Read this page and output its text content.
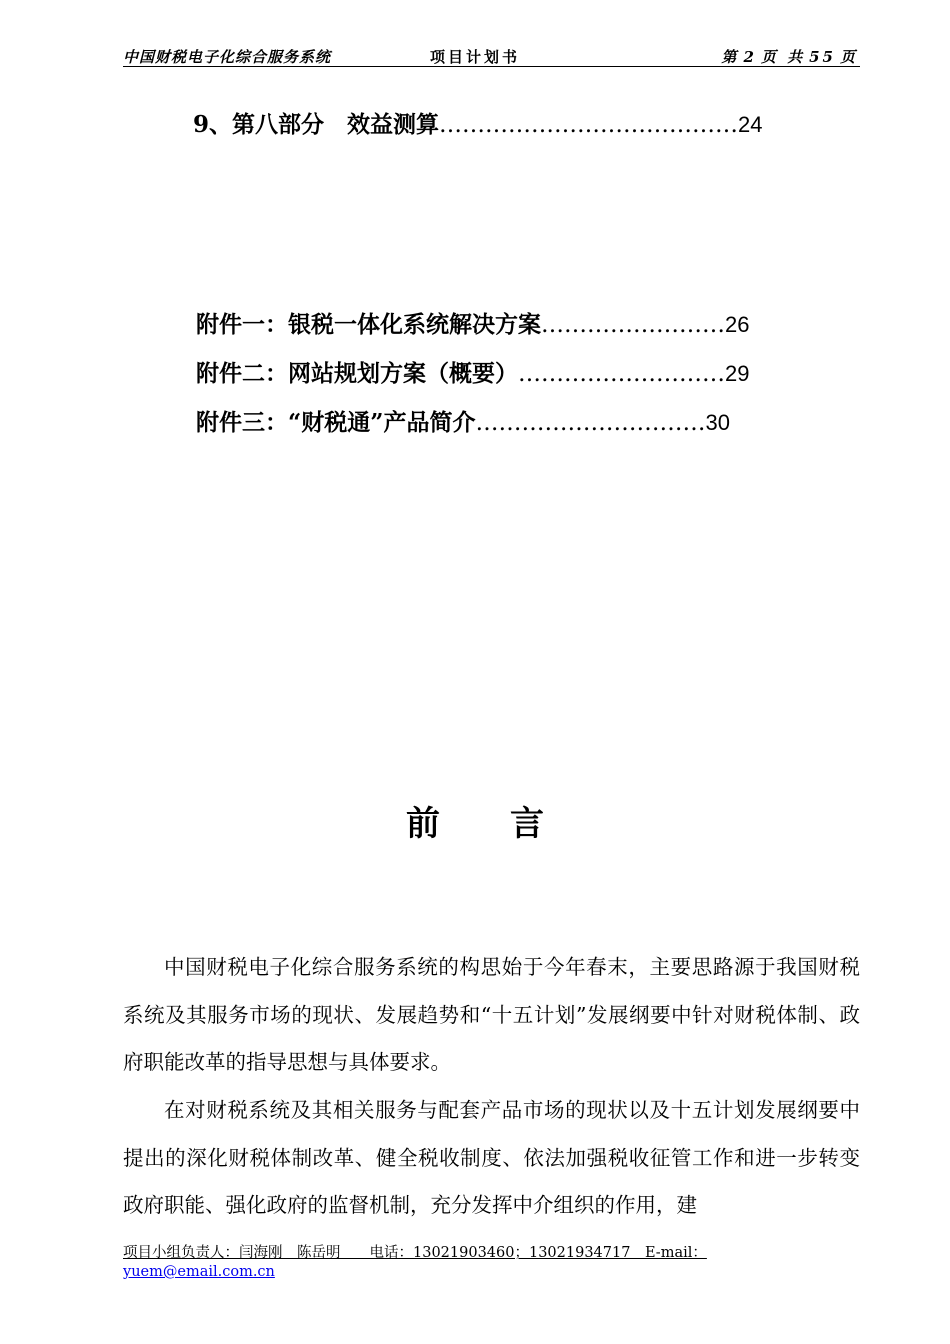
中国财税电子化综合服务系统	项目计划书	第 2 页 共 55 页
9、第八部分　效益测算 ………………………………… 24
附件一：银税一体化系统解决方案 …………………… 26
附件二：网站规划方案（概要） ……………………… 29
附件三：“财税通”产品简介 ………………………… 30
前 言

中国财税电子化综合服务系统的构思始于今年春末，主要思路源于我国财税系统及其服务市场的现状、发展趋势和“十五计划”发展纲要中针对财税体制、政府职能改革的指导思想与具体要求。

在对财税系统及其相关服务与配套产品市场的现状以及十五计划发展纲要中提出的深化财税体制改革、健全税收制度、依法加强税收征管工作和进一步转变政府职能、强化政府的监督机制，充分发挥中介组织的作用，建

项目小组负责人：闫海刚　陈岳明　　电话：13021903460；13021934717　E-mail：
yuem@email.com.cn
